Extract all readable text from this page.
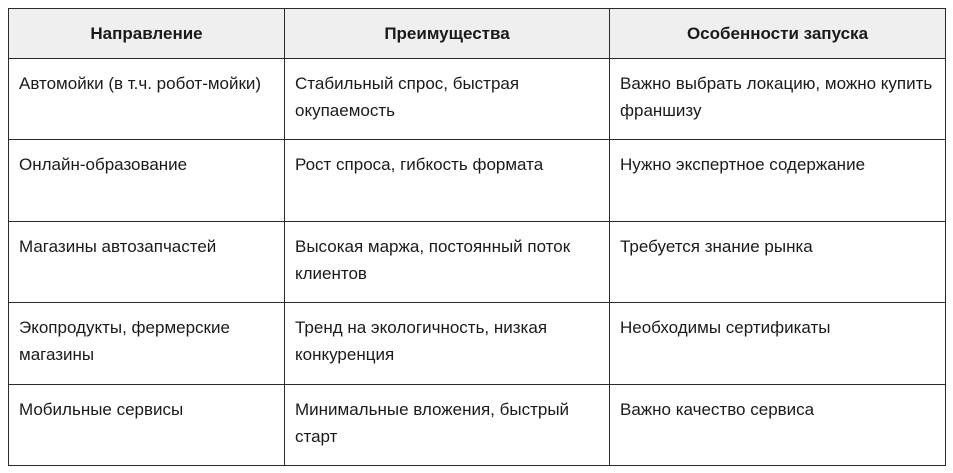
Направление	Преимущества	Особенности запуска
Автомойки (в т.ч. робот-мойки)	Стабильный спрос, быстрая окупаемость	Важно выбрать локацию, можно купить франшизу
Онлайн-образование	Рост спроса, гибкость формата	Нужно экспертное содержание
Магазины автозапчастей	Высокая маржа, постоянный поток клиентов	Требуется знание рынка
Экопродукты, фермерские магазины	Тренд на экологичность, низкая конкуренция	Необходимы сертификаты
Мобильные сервисы	Минимальные вложения, быстрый старт	Важно качество сервиса
